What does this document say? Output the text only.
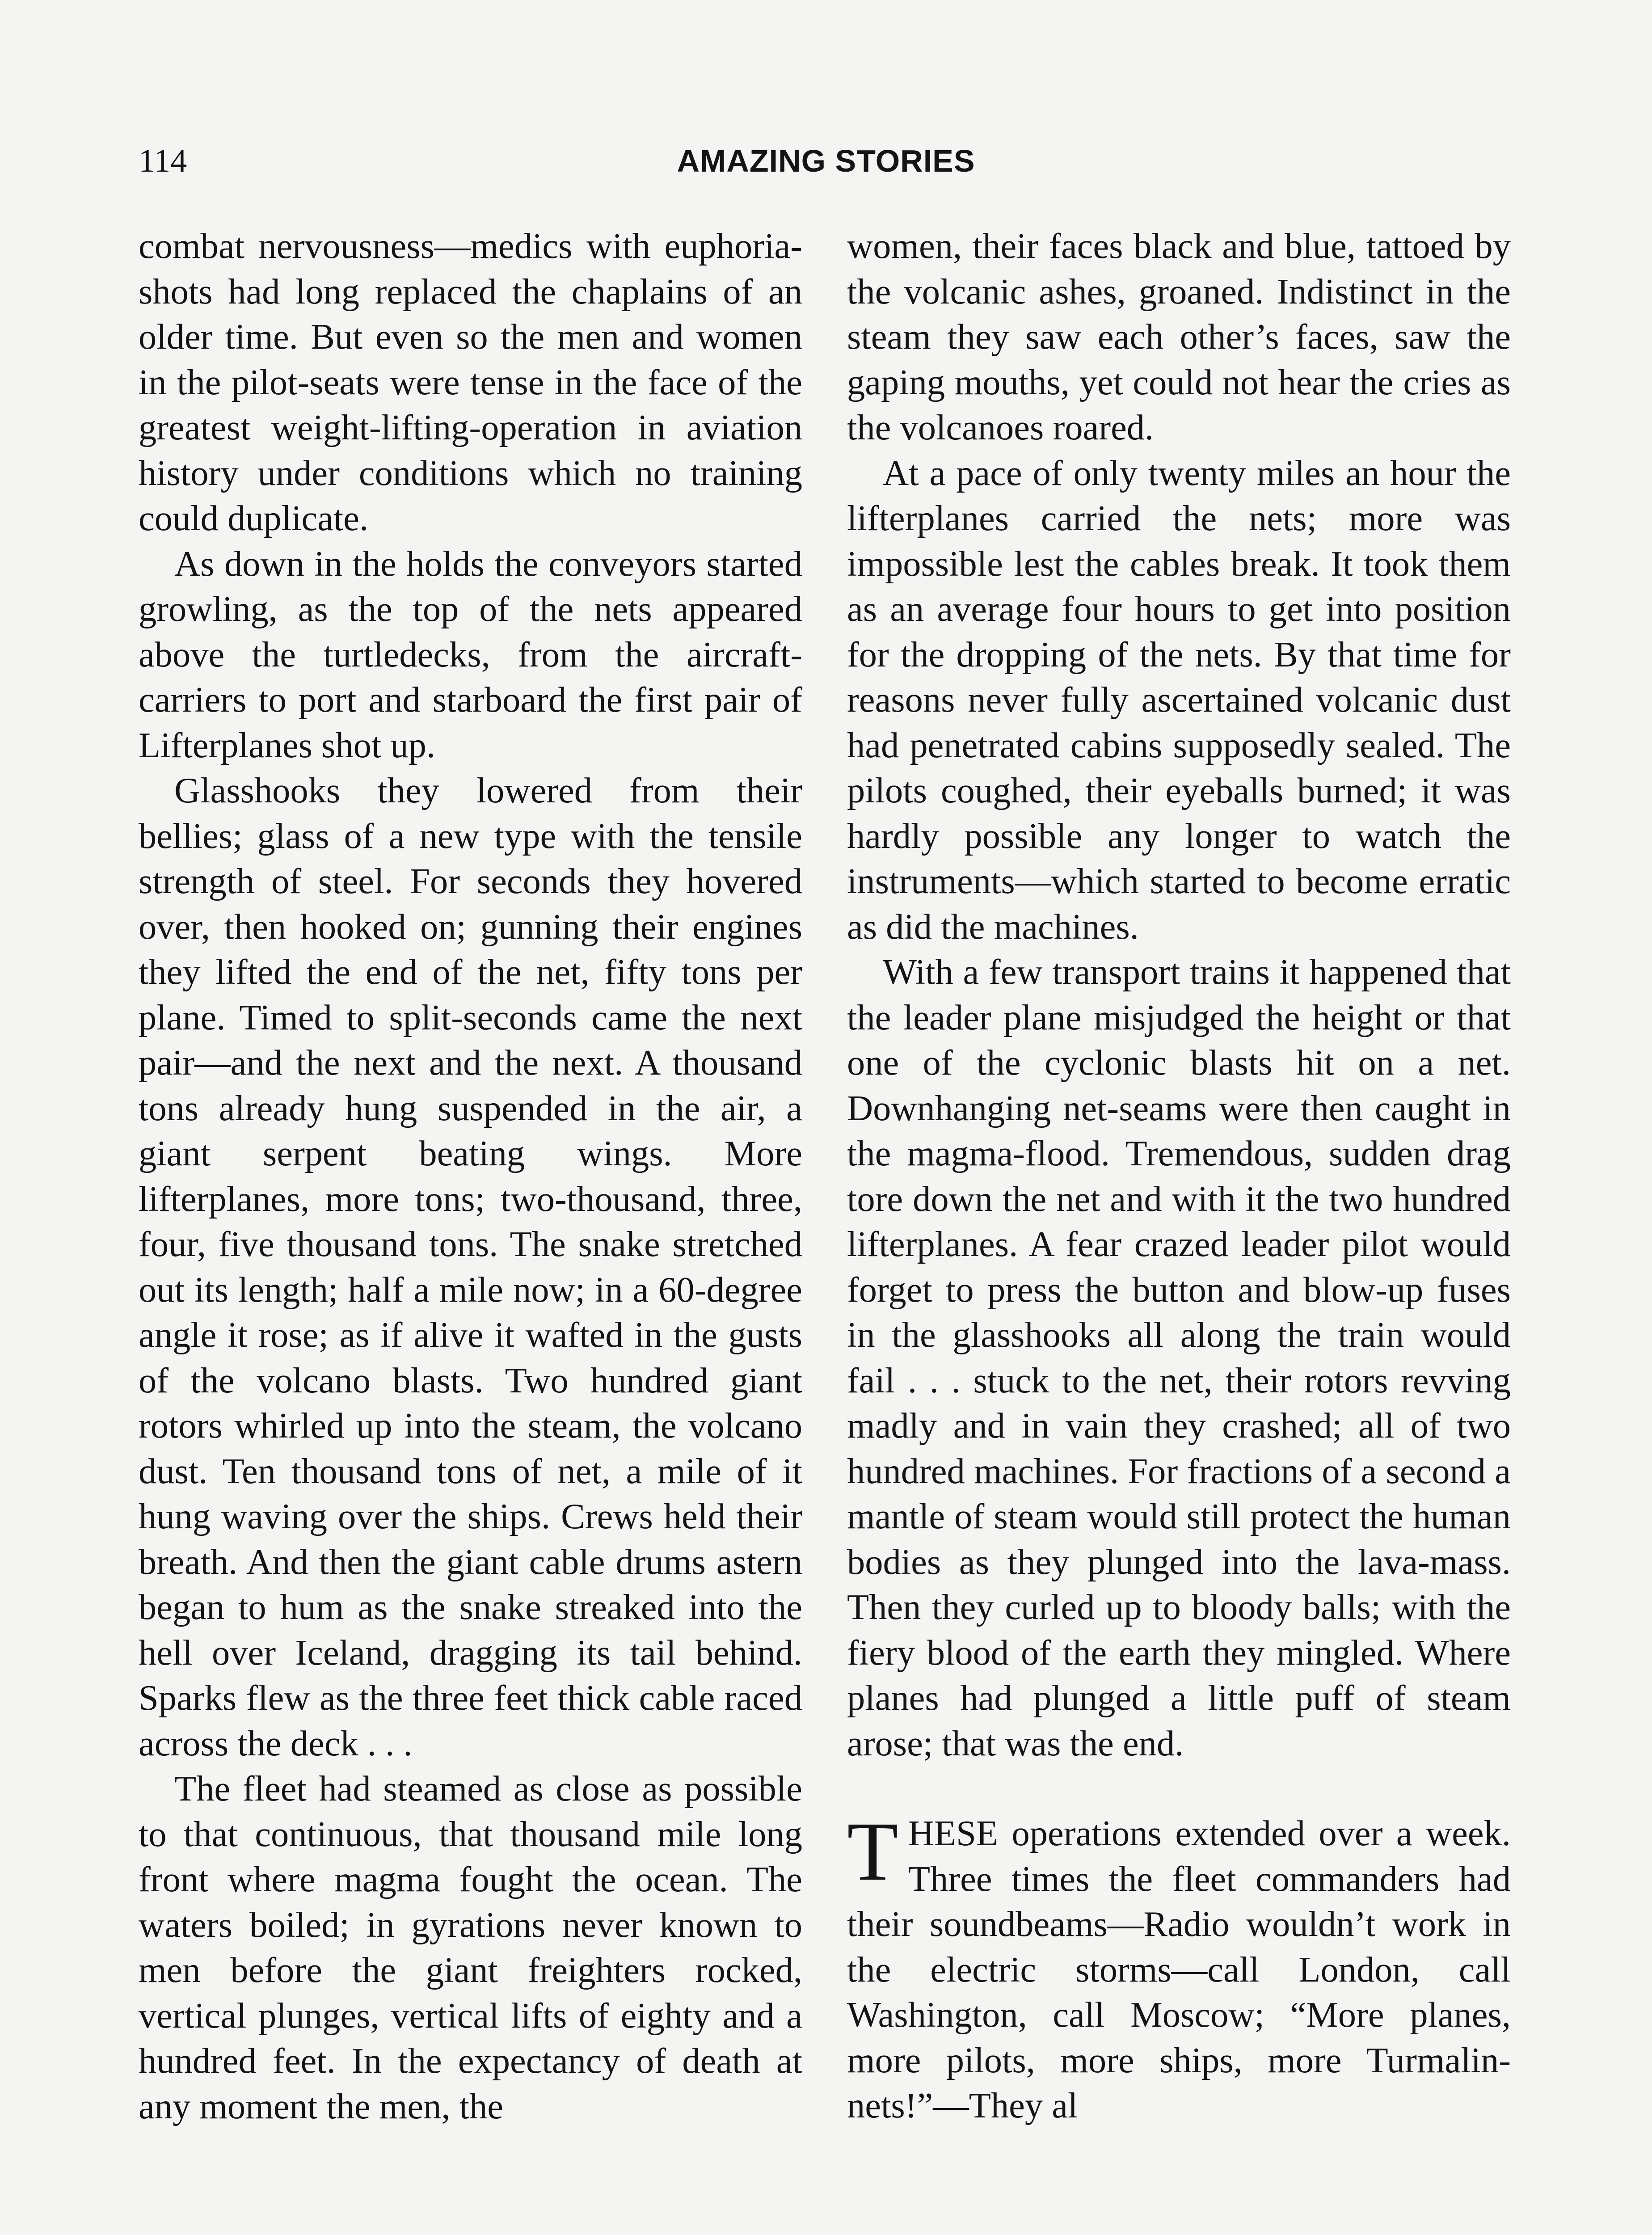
114	AMAZING STORIES

combat nervousness—medics with euphoria-shots had long replaced the chaplains of an older time. But even so the men and women in the pilot-seats were tense in the face of the greatest weight-lifting-operation in aviation history under conditions which no training could duplicate.

As down in the holds the conveyors started growling, as the top of the nets appeared above the turtledecks, from the aircraft-carriers to port and starboard the first pair of Lifterplanes shot up.

Glasshooks they lowered from their bellies; glass of a new type with the tensile strength of steel. For seconds they hovered over, then hooked on; gunning their engines they lifted the end of the net, fifty tons per plane. Timed to split-seconds came the next pair—and the next and the next. A thousand tons already hung suspended in the air, a giant serpent beating wings. More lifterplanes, more tons; two-thousand, three, four, five thousand tons. The snake stretched out its length; half a mile now; in a 60-degree angle it rose; as if alive it wafted in the gusts of the volcano blasts. Two hundred giant rotors whirled up into the steam, the volcano dust. Ten thousand tons of net, a mile of it hung waving over the ships. Crews held their breath. And then the giant cable drums astern began to hum as the snake streaked into the hell over Iceland, dragging its tail behind. Sparks flew as the three feet thick cable raced across the deck . . .

The fleet had steamed as close as possible to that continuous, that thousand mile long front where magma fought the ocean. The waters boiled; in gyrations never known to men before the giant freighters rocked, vertical plunges, vertical lifts of eighty and a hundred feet. In the expectancy of death at any moment the men, the

women, their faces black and blue, tattoed by the volcanic ashes, groaned. Indistinct in the steam they saw each other’s faces, saw the gaping mouths, yet could not hear the cries as the volcanoes roared.

At a pace of only twenty miles an hour the lifterplanes carried the nets; more was impossible lest the cables break. It took them as an average four hours to get into position for the dropping of the nets. By that time for reasons never fully ascertained volcanic dust had penetrated cabins supposedly sealed. The pilots coughed, their eyeballs burned; it was hardly possible any longer to watch the instruments—which started to become erratic as did the machines.

With a few transport trains it happened that the leader plane misjudged the height or that one of the cyclonic blasts hit on a net. Downhanging net-seams were then caught in the magma-flood. Tremendous, sudden drag tore down the net and with it the two hundred lifterplanes. A fear crazed leader pilot would forget to press the button and blow-up fuses in the glasshooks all along the train would fail . . . stuck to the net, their rotors revving madly and in vain they crashed; all of two hundred machines. For fractions of a second a mantle of steam would still protect the human bodies as they plunged into the lava-mass. Then they curled up to bloody balls; with the fiery blood of the earth they mingled. Where planes had plunged a little puff of steam arose; that was the end.

THESE operations extended over a week. Three times the fleet commanders had their soundbeams—Radio wouldn’t work in the electric storms—call London, call Washington, call Moscow; “More planes, more pilots, more ships, more Turmalin-nets!”—They al
